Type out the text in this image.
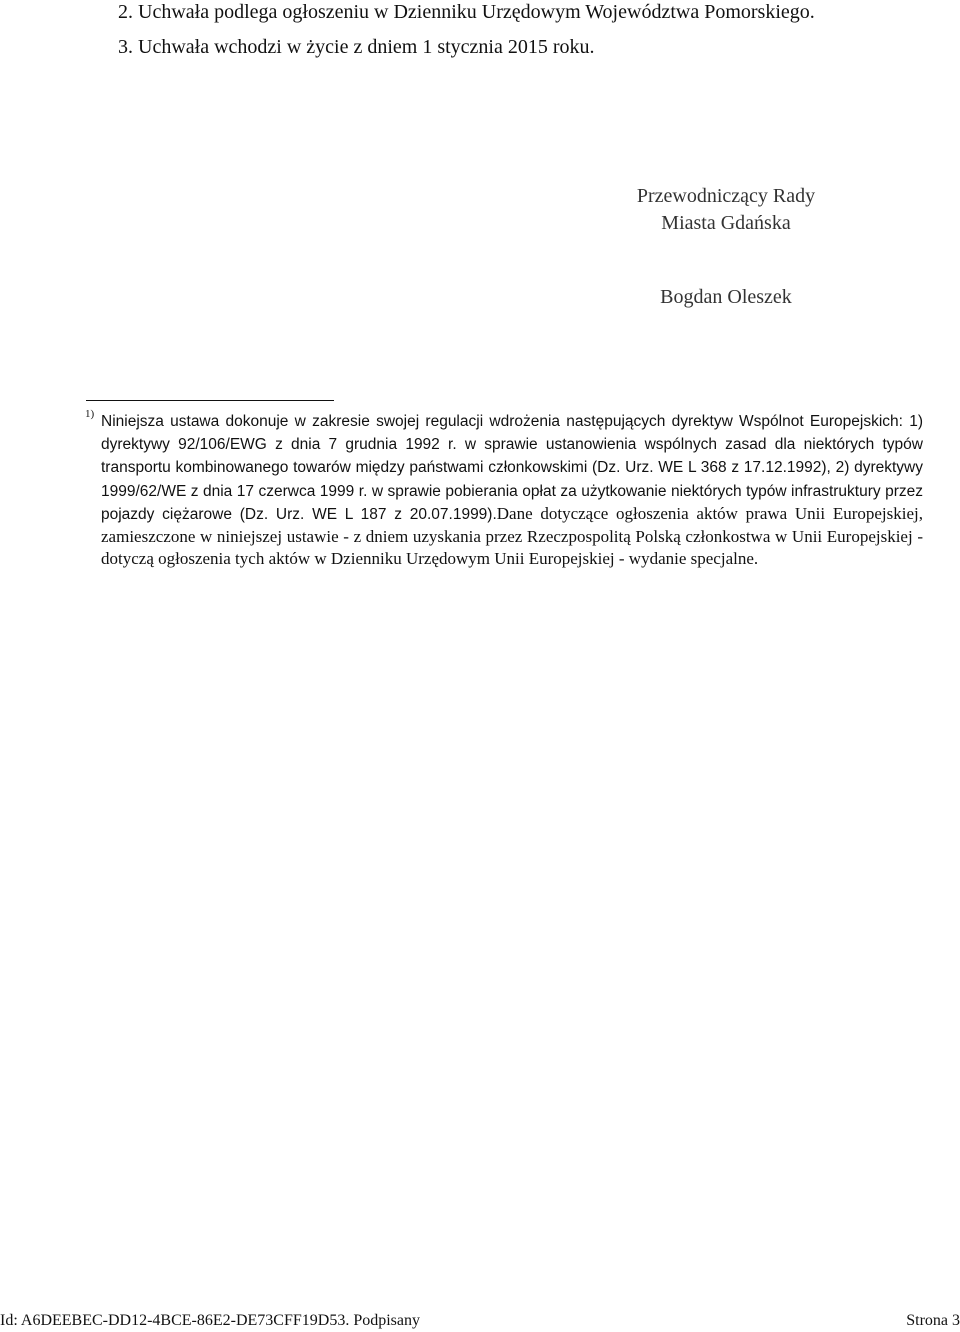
2. Uchwała podlega ogłoszeniu w Dzienniku Urzędowym Województwa Pomorskiego.
3. Uchwała wchodzi w życie z dniem 1 stycznia 2015 roku.
Przewodniczący Rady
Miasta Gdańska
Bogdan Oleszek

1) Niniejsza ustawa dokonuje w zakresie swojej regulacji wdrożenia następujących dyrektyw Wspólnot Europejskich: 1) dyrektywy 92/106/EWG z dnia 7 grudnia 1992 r. w sprawie ustanowienia wspólnych zasad dla niektórych typów transportu kombinowanego towarów między państwami członkowskimi (Dz. Urz. WE L 368 z 17.12.1992), 2) dyrektywy 1999/62/WE z dnia 17 czerwca 1999 r. w sprawie pobierania opłat za użytkowanie niektórych typów infrastruktury przez pojazdy ciężarowe (Dz. Urz. WE L 187 z 20.07.1999).Dane dotyczące ogłoszenia aktów prawa Unii Europejskiej, zamieszczone w niniejszej ustawie - z dniem uzyskania przez Rzeczpospolitą Polską członkostwa w Unii Europejskiej - dotyczą ogłoszenia tych aktów w Dzienniku Urzędowym Unii Europejskiej - wydanie specjalne.

Id: A6DEEBEC-DD12-4BCE-86E2-DE73CFF19D53. Podpisany	Strona 3
